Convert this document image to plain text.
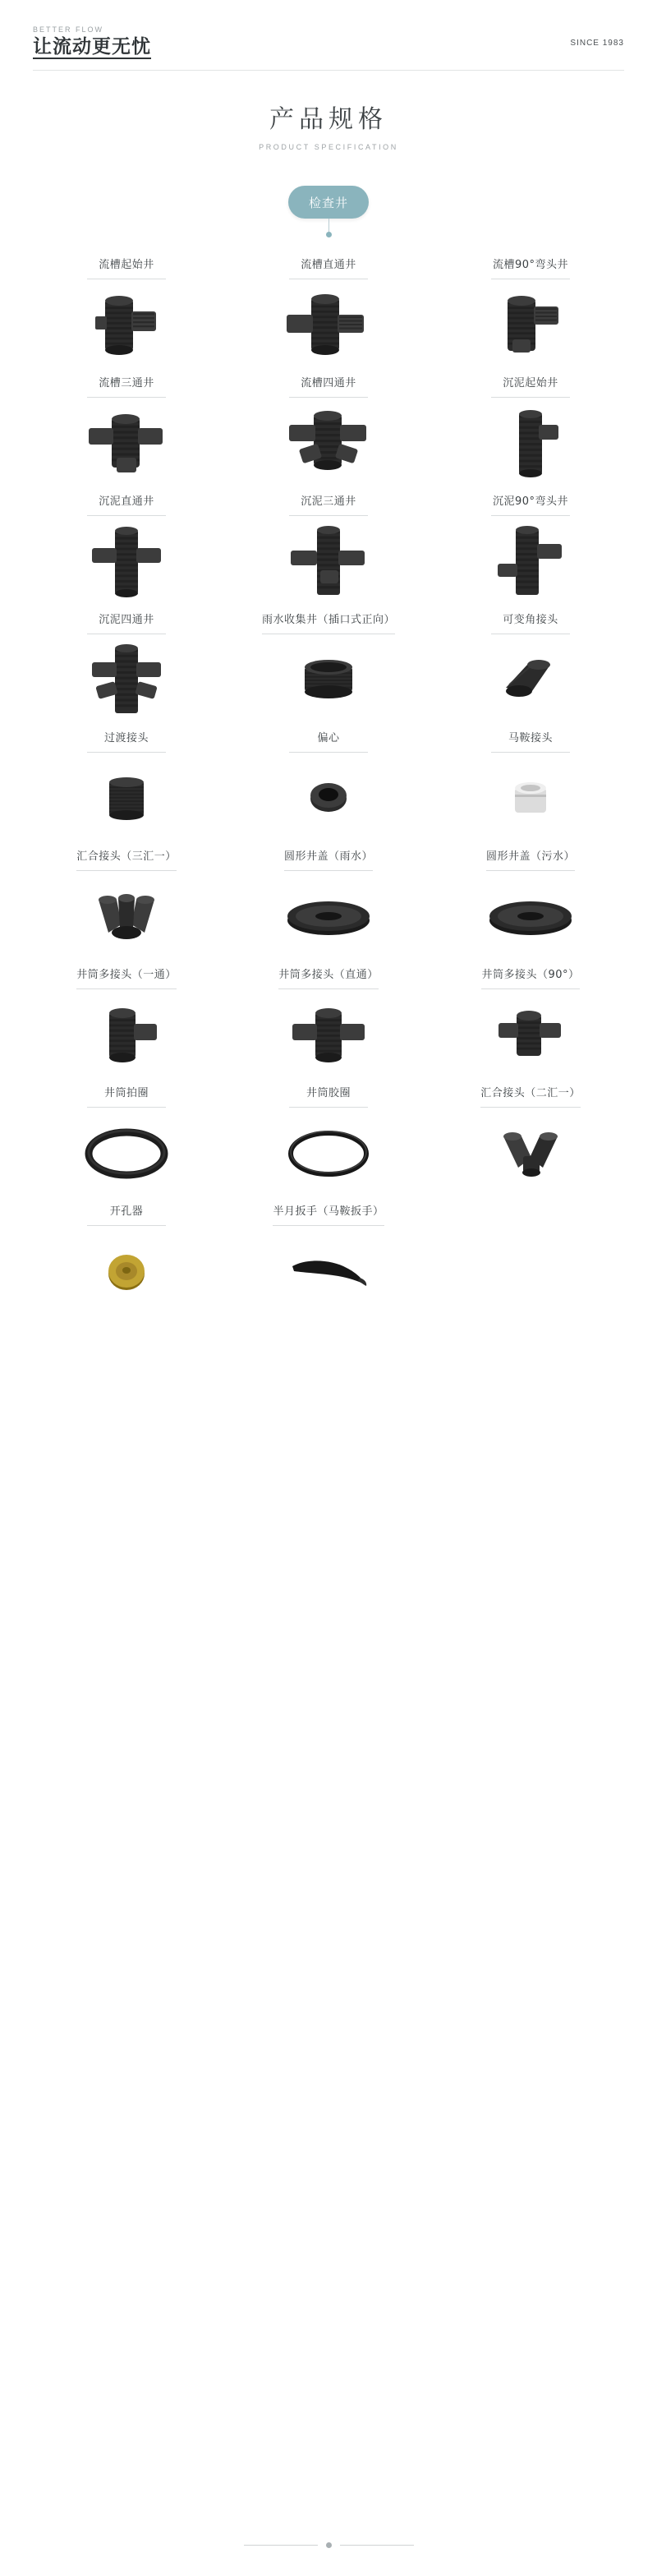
BETTER FLOW
让流动更无忧	SINCE 1983
产品规格
PRODUCT SPECIFICATION
检查井
流槽起始井	流槽直通井	流槽90°弯头井
流槽三通井	流槽四通井	沉泥起始井
沉泥直通井	沉泥三通井	沉泥90°弯头井
沉泥四通井	雨水收集井（插口式正向）	可变角接头
过渡接头	偏心	马鞍接头
汇合接头（三汇一）	圆形井盖（雨水）	圆形井盖（污水）
井筒多接头（一通）	井筒多接头（直通）	井筒多接头（90°）
井筒拍圈	井筒胶圈	汇合接头（二汇一）
开孔器	半月扳手（马鞍扳手）
